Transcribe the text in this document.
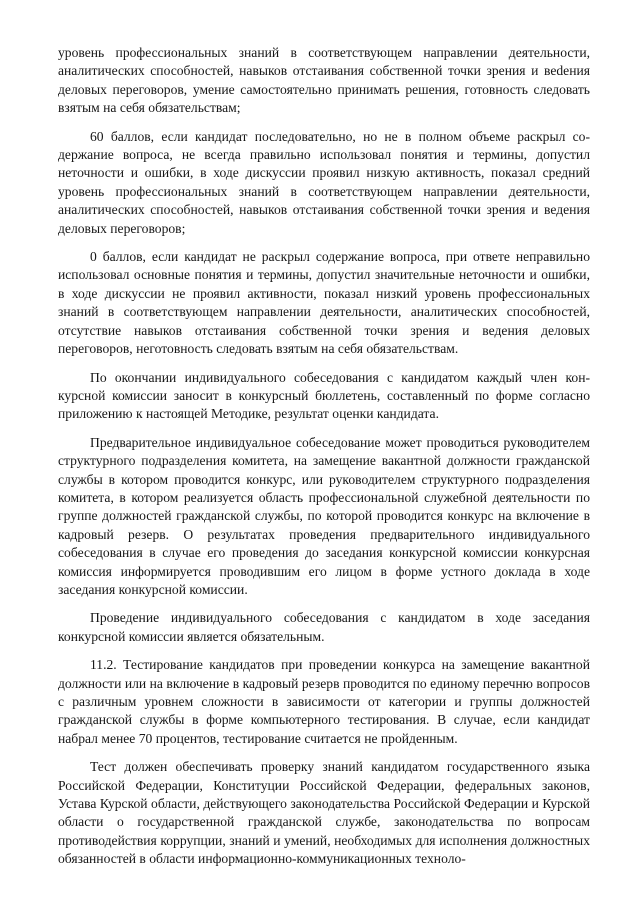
уровень профессиональных знаний в соответствующем направлении деятельности, аналитических способностей, навыков отстаивания собственной точки зрения и веdения деловых переговоров, умение самостоятельно принимать решения, готовность следовать взятым на себя обязательствам;

60 баллов, если кандидат последовательно, но не в полном объеме раскрыл содержание вопроса, не всегда правильно использовал понятия и термины, допустил неточности и ошибки, в ходе дискуссии проявил низкую активность, показал средний уровень профессиональных знаний в соответствующем направлении деятельности, аналитических способностей, навыков отстаивания собственной точки зрения и ведения деловых переговоров;

0 баллов, если кандидат не раскрыл содержание вопроса, при ответе неправильно использовал основные понятия и термины, допустил значительные неточности и ошибки, в ходе дискуссии не проявил активности, показал низкий уровень профессиональных знаний в соответствующем направлении деятельности, аналитических способностей, отсутствие навыков отстаивания собственной точки зрения и ведения деловых переговоров, неготовность следовать взятым на себя обязательствам.

По окончании индивидуального собеседования с кандидатом каждый член конкурсной комиссии заносит в конкурсный бюллетень, составленный по форме согласно приложению к настоящей Методике, результат оценки кандидата.

Предварительное индивидуальное собеседование может проводиться руководителем структурного подразделения комитета, на замещение вакантной должности гражданской службы в котором проводится конкурс, или руководителем структурного подразделения комитета, в котором реализуется область профессиональной служебной деятельности по группе должностей гражданской службы, по которой проводится конкурс на включение в кадровый резерв. О результатах проведения предварительного индивидуального собеседования в случае его проведения до заседания конкурсной комиссии конкурсная комиссия информируется проводившим его лицом в форме устного доклада в ходе заседания конкурсной комиссии.

Проведение индивидуального собеседования с кандидатом в ходе заседания конкурсной комиссии является обязательным.

11.2. Тестирование кандидатов при проведении конкурса на замещение вакантной должности или на включение в кадровый резерв проводится по единому перечню вопросов с различным уровнем сложности в зависимости от категории и группы должностей гражданской службы в форме компьютерного тестирования. В случае, если кандидат набрал менее 70 процентов, тестирование считается не пройденным.

Тест должен обеспечивать проверку знаний кандидатом государственного языка Российской Федерации, Конституции Российской Федерации, федеральных законов, Устава Курской области, действующего законодательства Российской Федерации и Курской области о государственной гражданской службе, законодательства по вопросам противодействия коррупции, знаний и умений, необходимых для исполнения должностных обязанностей в области информационно-коммуникационных техноло-
